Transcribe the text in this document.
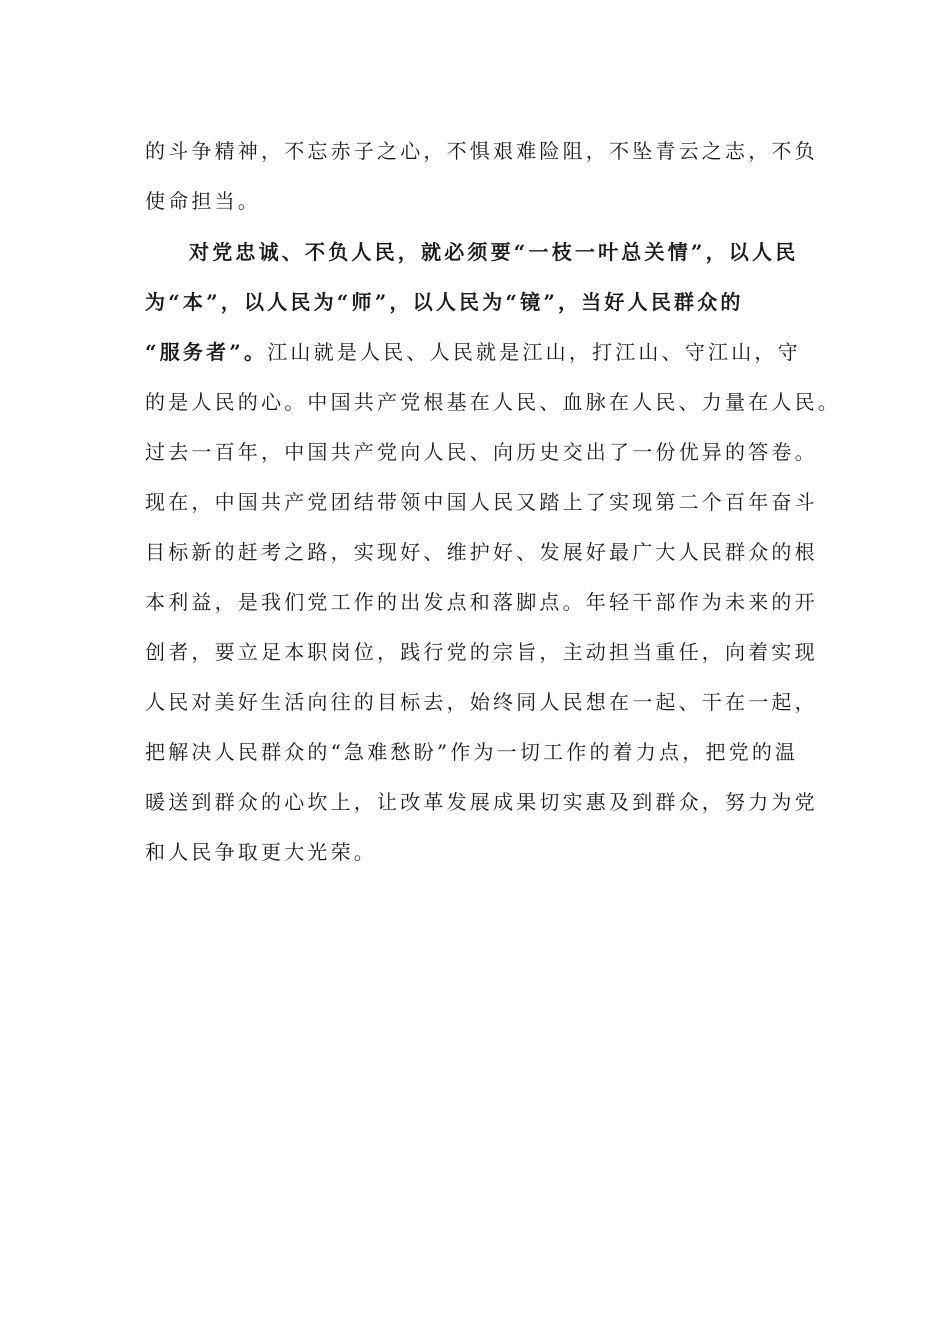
的斗争精神，不忘赤子之心，不惧艰难险阻，不坠青云之志，不负
使命担当。
对党忠诚、不负人民，就必须要“一枝一叶总关情”，以人民
为“本”，以人民为“师”，以人民为“镜”，当好人民群众的
“服务者”。江山就是人民、人民就是江山，打江山、守江山，守
的是人民的心。中国共产党根基在人民、血脉在人民、力量在人民。
过去一百年，中国共产党向人民、向历史交出了一份优异的答卷。
现在，中国共产党团结带领中国人民又踏上了实现第二个百年奋斗
目标新的赶考之路，实现好、维护好、发展好最广大人民群众的根
本利益，是我们党工作的出发点和落脚点。年轻干部作为未来的开
创者，要立足本职岗位，践行党的宗旨，主动担当重任，向着实现
人民对美好生活向往的目标去，始终同人民想在一起、干在一起，
把解决人民群众的“急难愁盼”作为一切工作的着力点，把党的温
暖送到群众的心坎上，让改革发展成果切实惠及到群众，努力为党
和人民争取更大光荣。
